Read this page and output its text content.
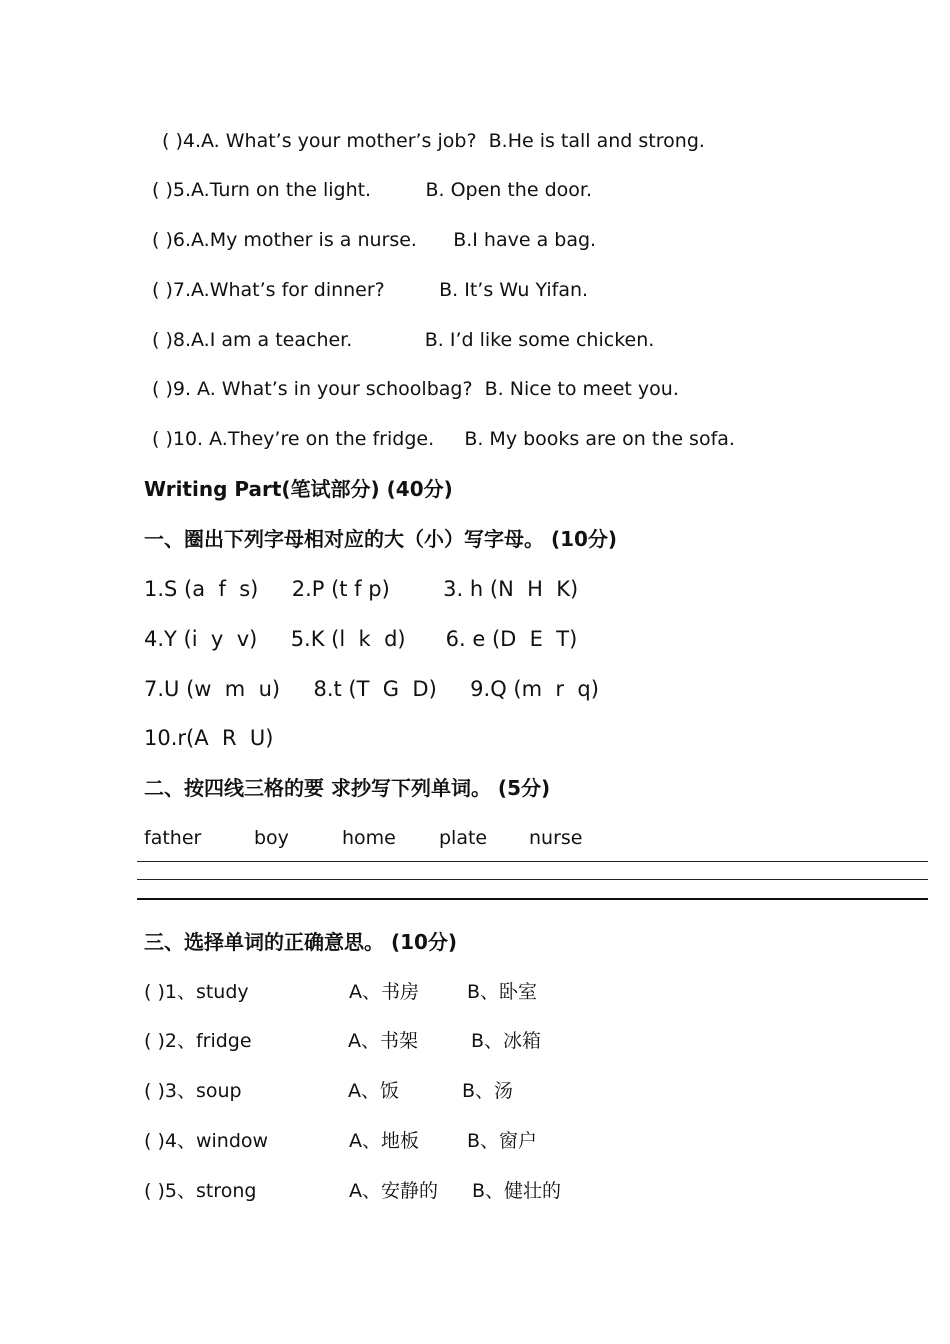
( )4.A. What’s your mother’s job?  B.He is tall and strong.
( )5.A.Turn on the light.         B. Open the door.
( )6.A.My mother is a nurse.      B.I have a bag.
( )7.A.What’s for dinner?         B. It’s Wu Yifan.
( )8.A.I am a teacher.            B. I’d like some chicken.
( )9. A. What’s in your schoolbag?  B. Nice to meet you.
( )10. A.They’re on the fridge.     B. My books are on the sofa.
Writing Part(笔试部分) (40分)
一、圈出下列字母相对应的大（小）写字母。 (10分)
1.S (a  f  s)     2.P (t f p)        3. h (N  H  K)
4.Y (i  y  v)     5.K (l  k  d)      6. e (D  E  T)
7.U (w  m  u)     8.t (T  G  D)     9.Q (m  r  q)
10.r(A  R  U)
二、按四线三格的要 求抄写下列单词。 (5分)
father	boy	home plate nurse
三、选择单词的正确意思。 (10分)
( )1、study	A、书房	B、卧室
( )2、fridge	A、书架	B、冰箱
( )3、soup	A、饭	B、汤
( )4、window	A、地板	B、窗户
( )5、strong	A、安静的 B、健壮的
